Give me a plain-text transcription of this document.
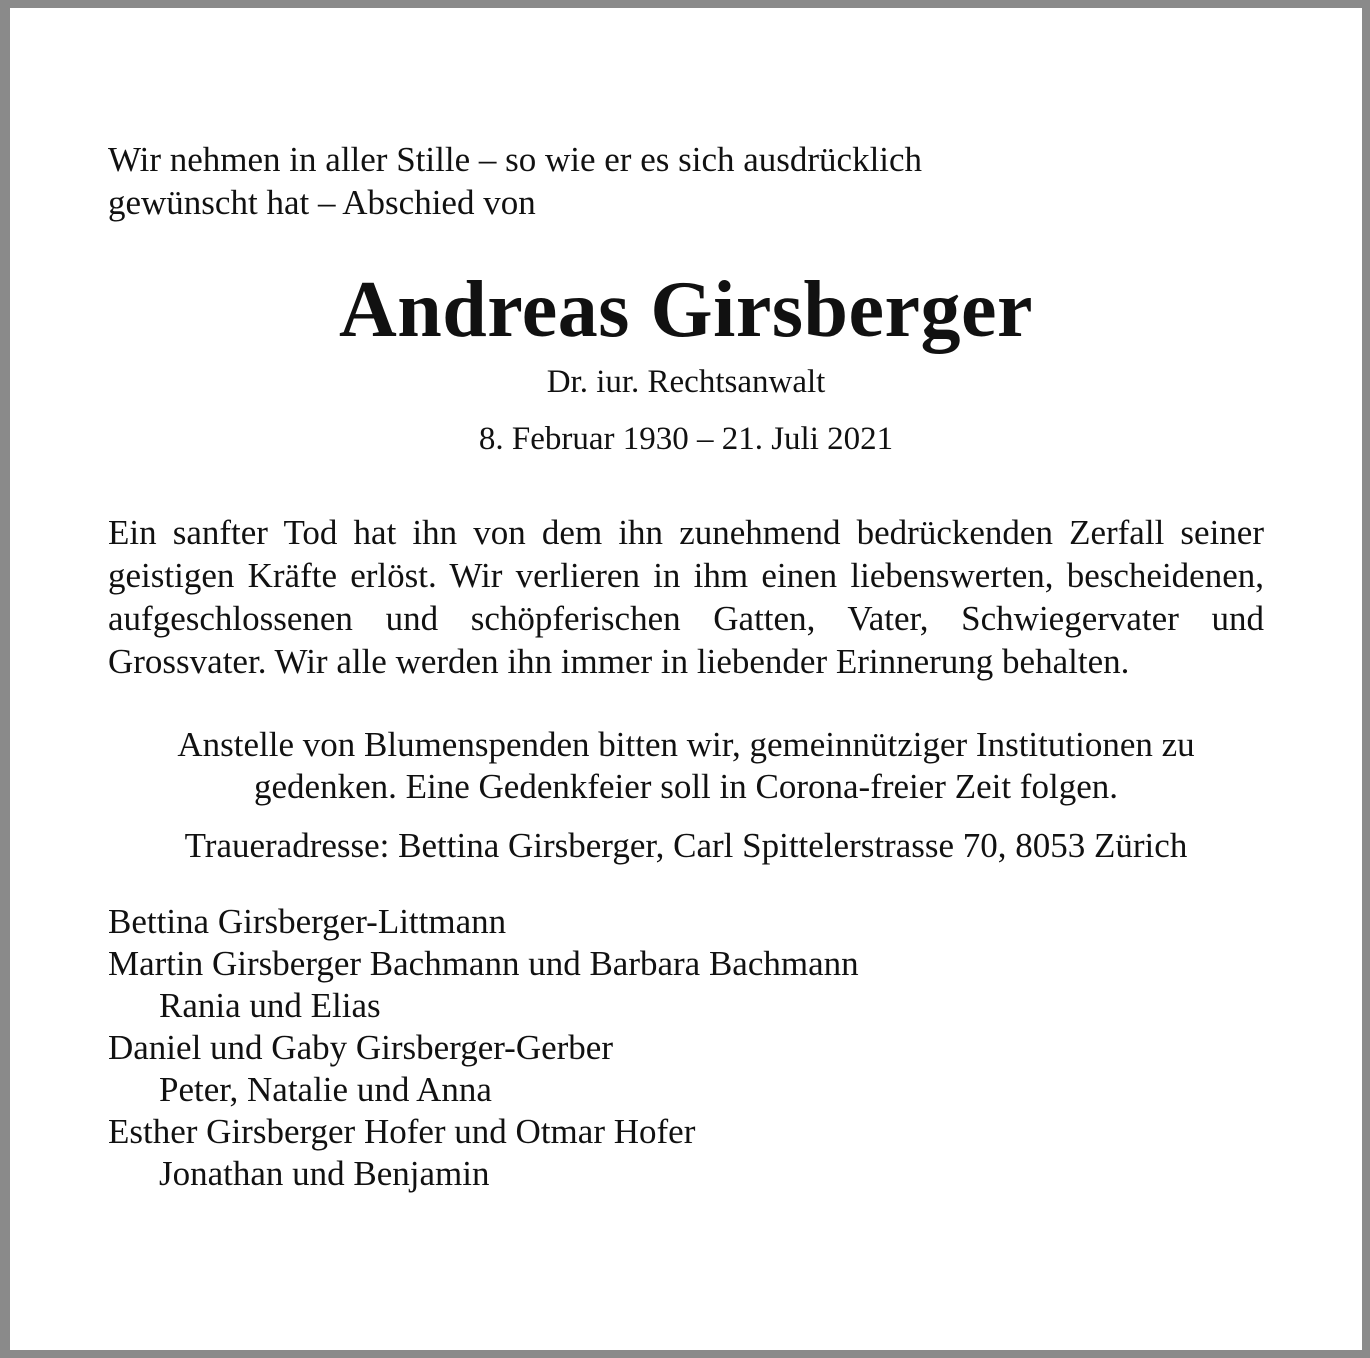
Wir nehmen in aller Stille – so wie er es sich ausdrücklich
gewünscht hat – Abschied von

Andreas Girsberger
Dr. iur. Rechtsanwalt
8. Februar 1930 – 21. Juli 2021

Ein sanfter Tod hat ihn von dem ihn zunehmend bedrückenden Zerfall seiner geistigen Kräfte erlöst. Wir verlieren in ihm einen liebenswerten, bescheidenen, aufgeschlossenen und schöpferischen Gatten, Vater, Schwiegervater und Grossvater. Wir alle werden ihn immer in liebender Erinnerung behalten.

Anstelle von Blumenspenden bitten wir, gemeinnütziger Institutionen zu
gedenken. Eine Gedenkfeier soll in Corona-freier Zeit folgen.

Traueradresse: Bettina Girsberger, Carl Spittelerstrasse 70, 8053 Zürich

Bettina Girsberger-Littmann
Martin Girsberger Bachmann und Barbara Bachmann
Rania und Elias
Daniel und Gaby Girsberger-Gerber
Peter, Natalie und Anna
Esther Girsberger Hofer und Otmar Hofer
Jonathan und Benjamin
